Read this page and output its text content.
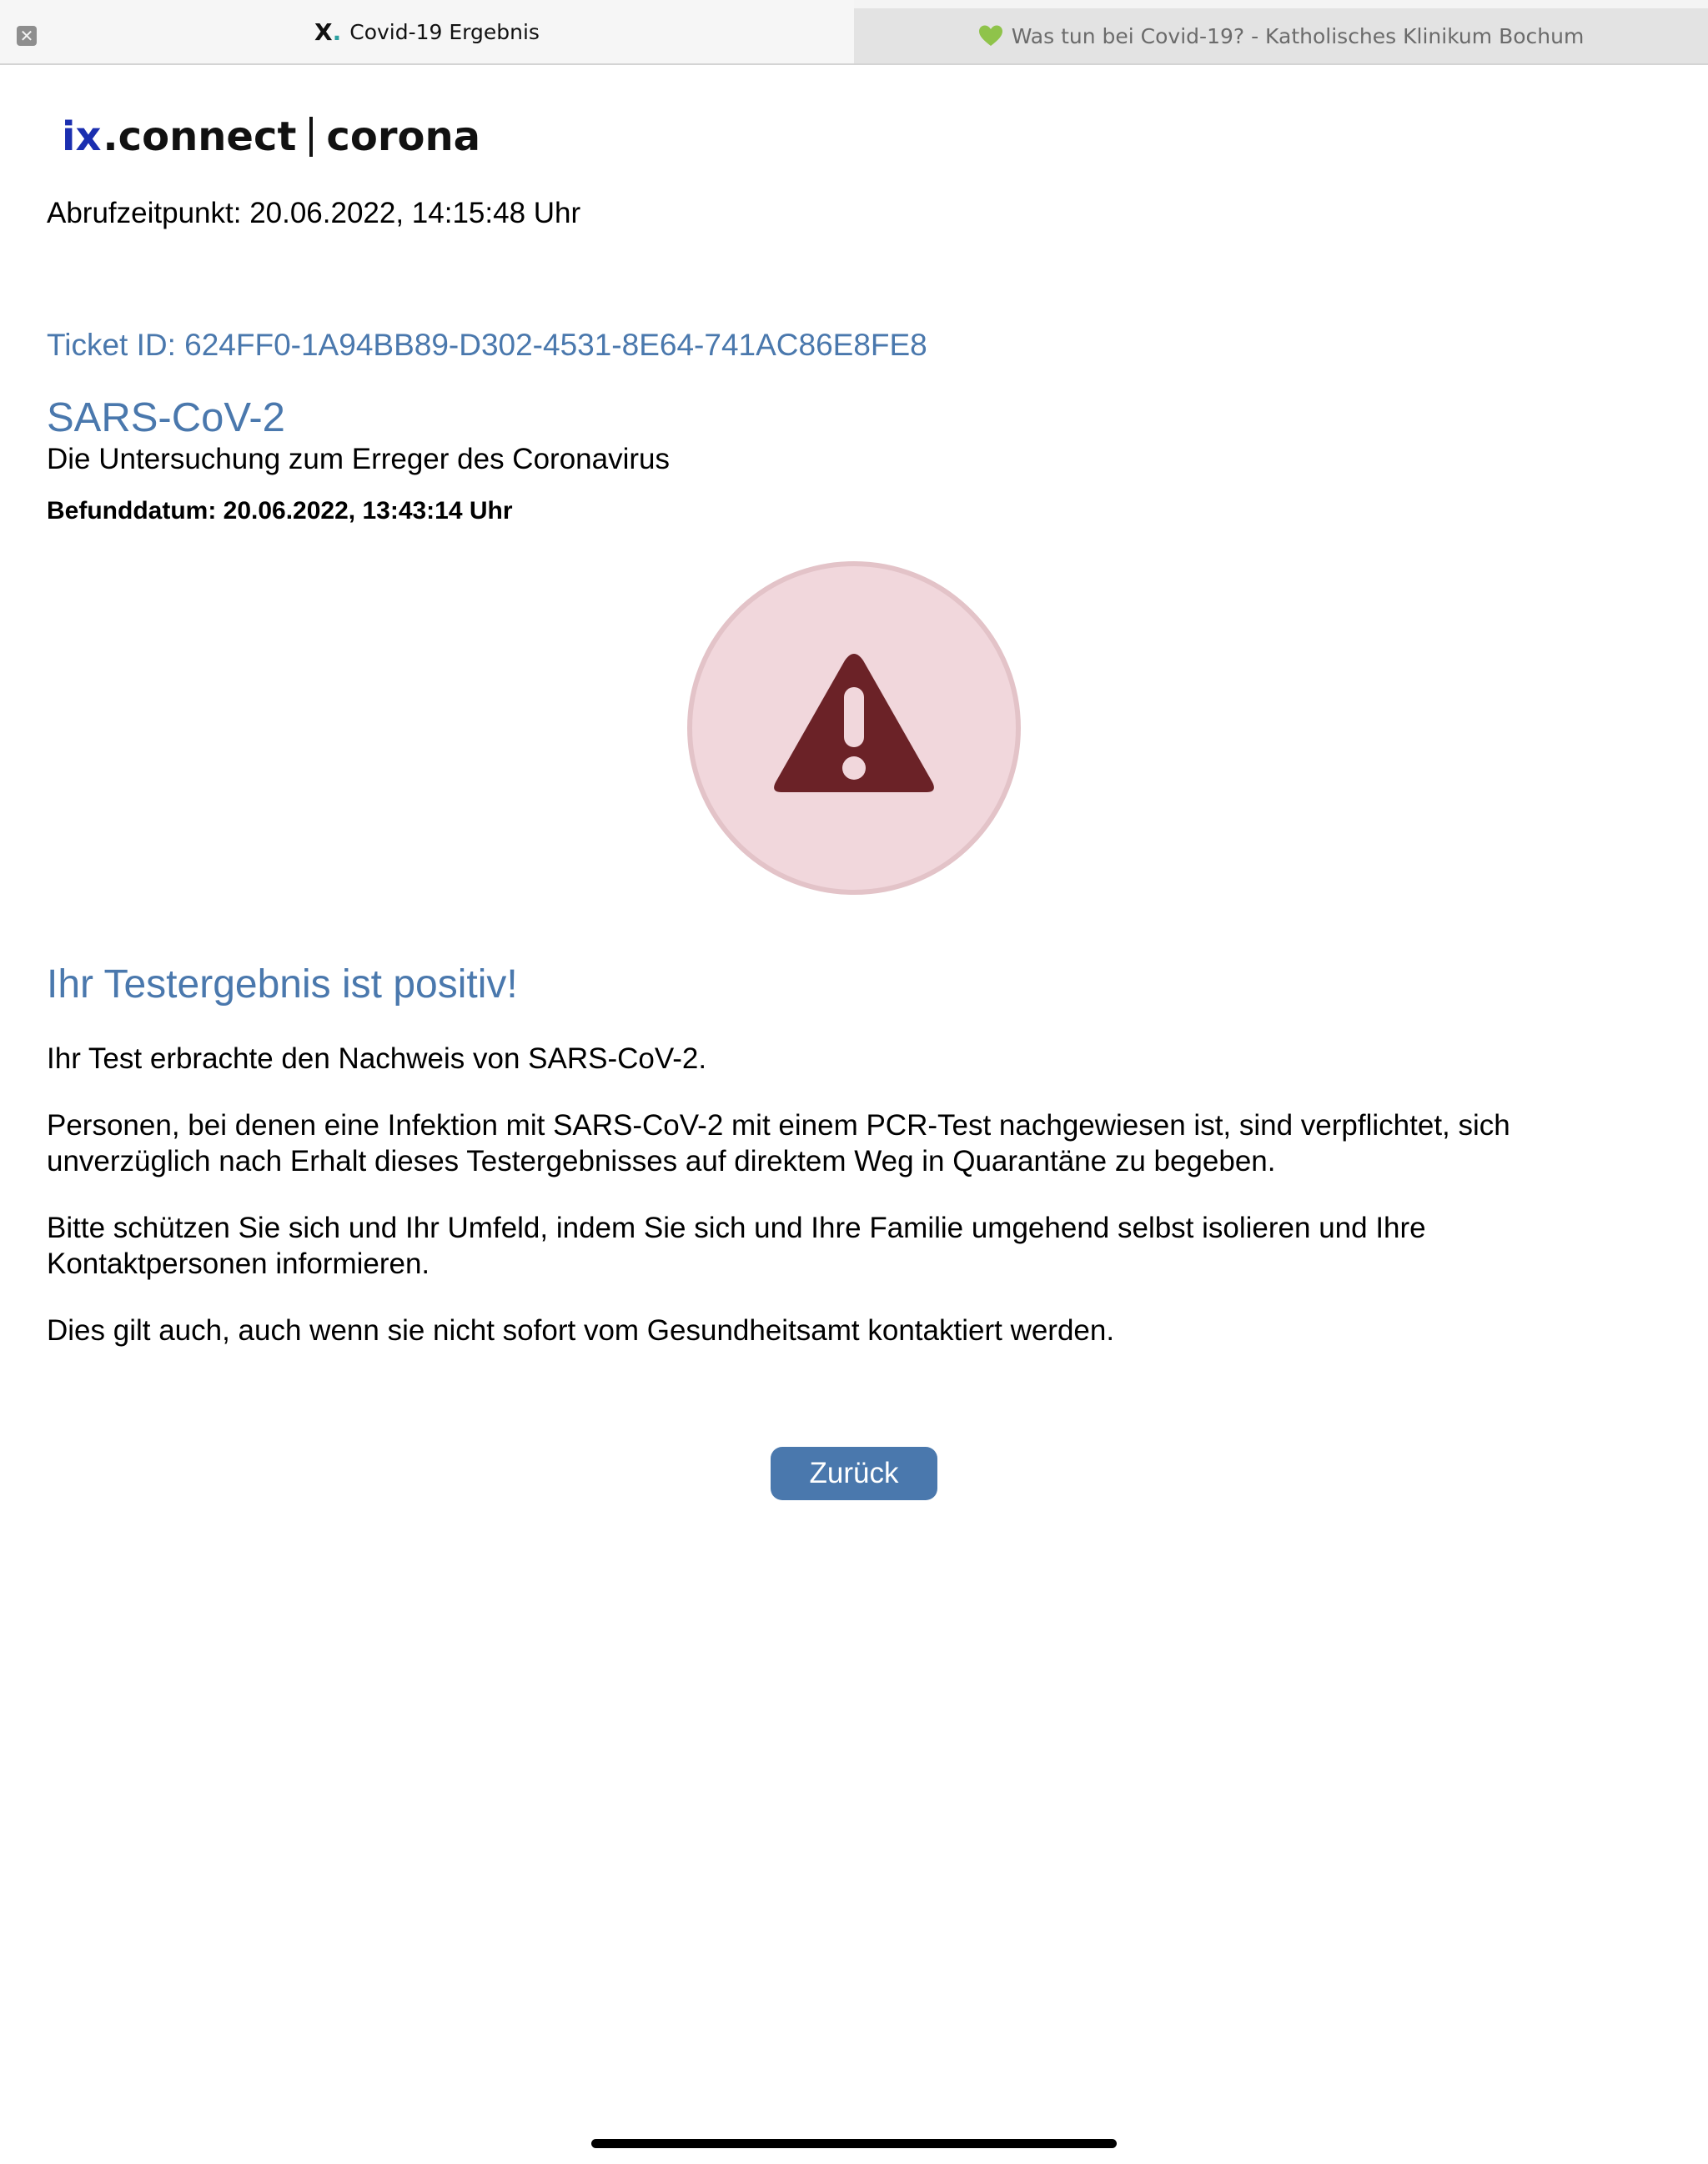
✕	X . Covid-19 Ergebnis	Was tun bei Covid-19? - Katholisches Klinikum Bochum
ix .connect corona
Abrufzeitpunkt: 20.06.2022, 14:15:48 Uhr
Ticket ID: 624FF0-1A94BB89-D302-4531-8E64-741AC86E8FE8
SARS-CoV-2
Die Untersuchung zum Erreger des Coronavirus
Befunddatum: 20.06.2022, 13:43:14 Uhr
Ihr Testergebnis ist positiv!

Ihr Test erbrachte den Nachweis von SARS-CoV-2.

Personen, bei denen eine Infektion mit SARS-CoV-2 mit einem PCR-Test nachgewiesen ist, sind verpflichtet, sich unverzüglich nach Erhalt dieses Testergebnisses auf direktem Weg in Quarantäne zu begeben.

Bitte schützen Sie sich und Ihr Umfeld, indem Sie sich und Ihre Familie umgehend selbst isolieren und Ihre Kontaktpersonen informieren.

Dies gilt auch, auch wenn sie nicht sofort vom Gesundheitsamt kontaktiert werden.

Zurück
